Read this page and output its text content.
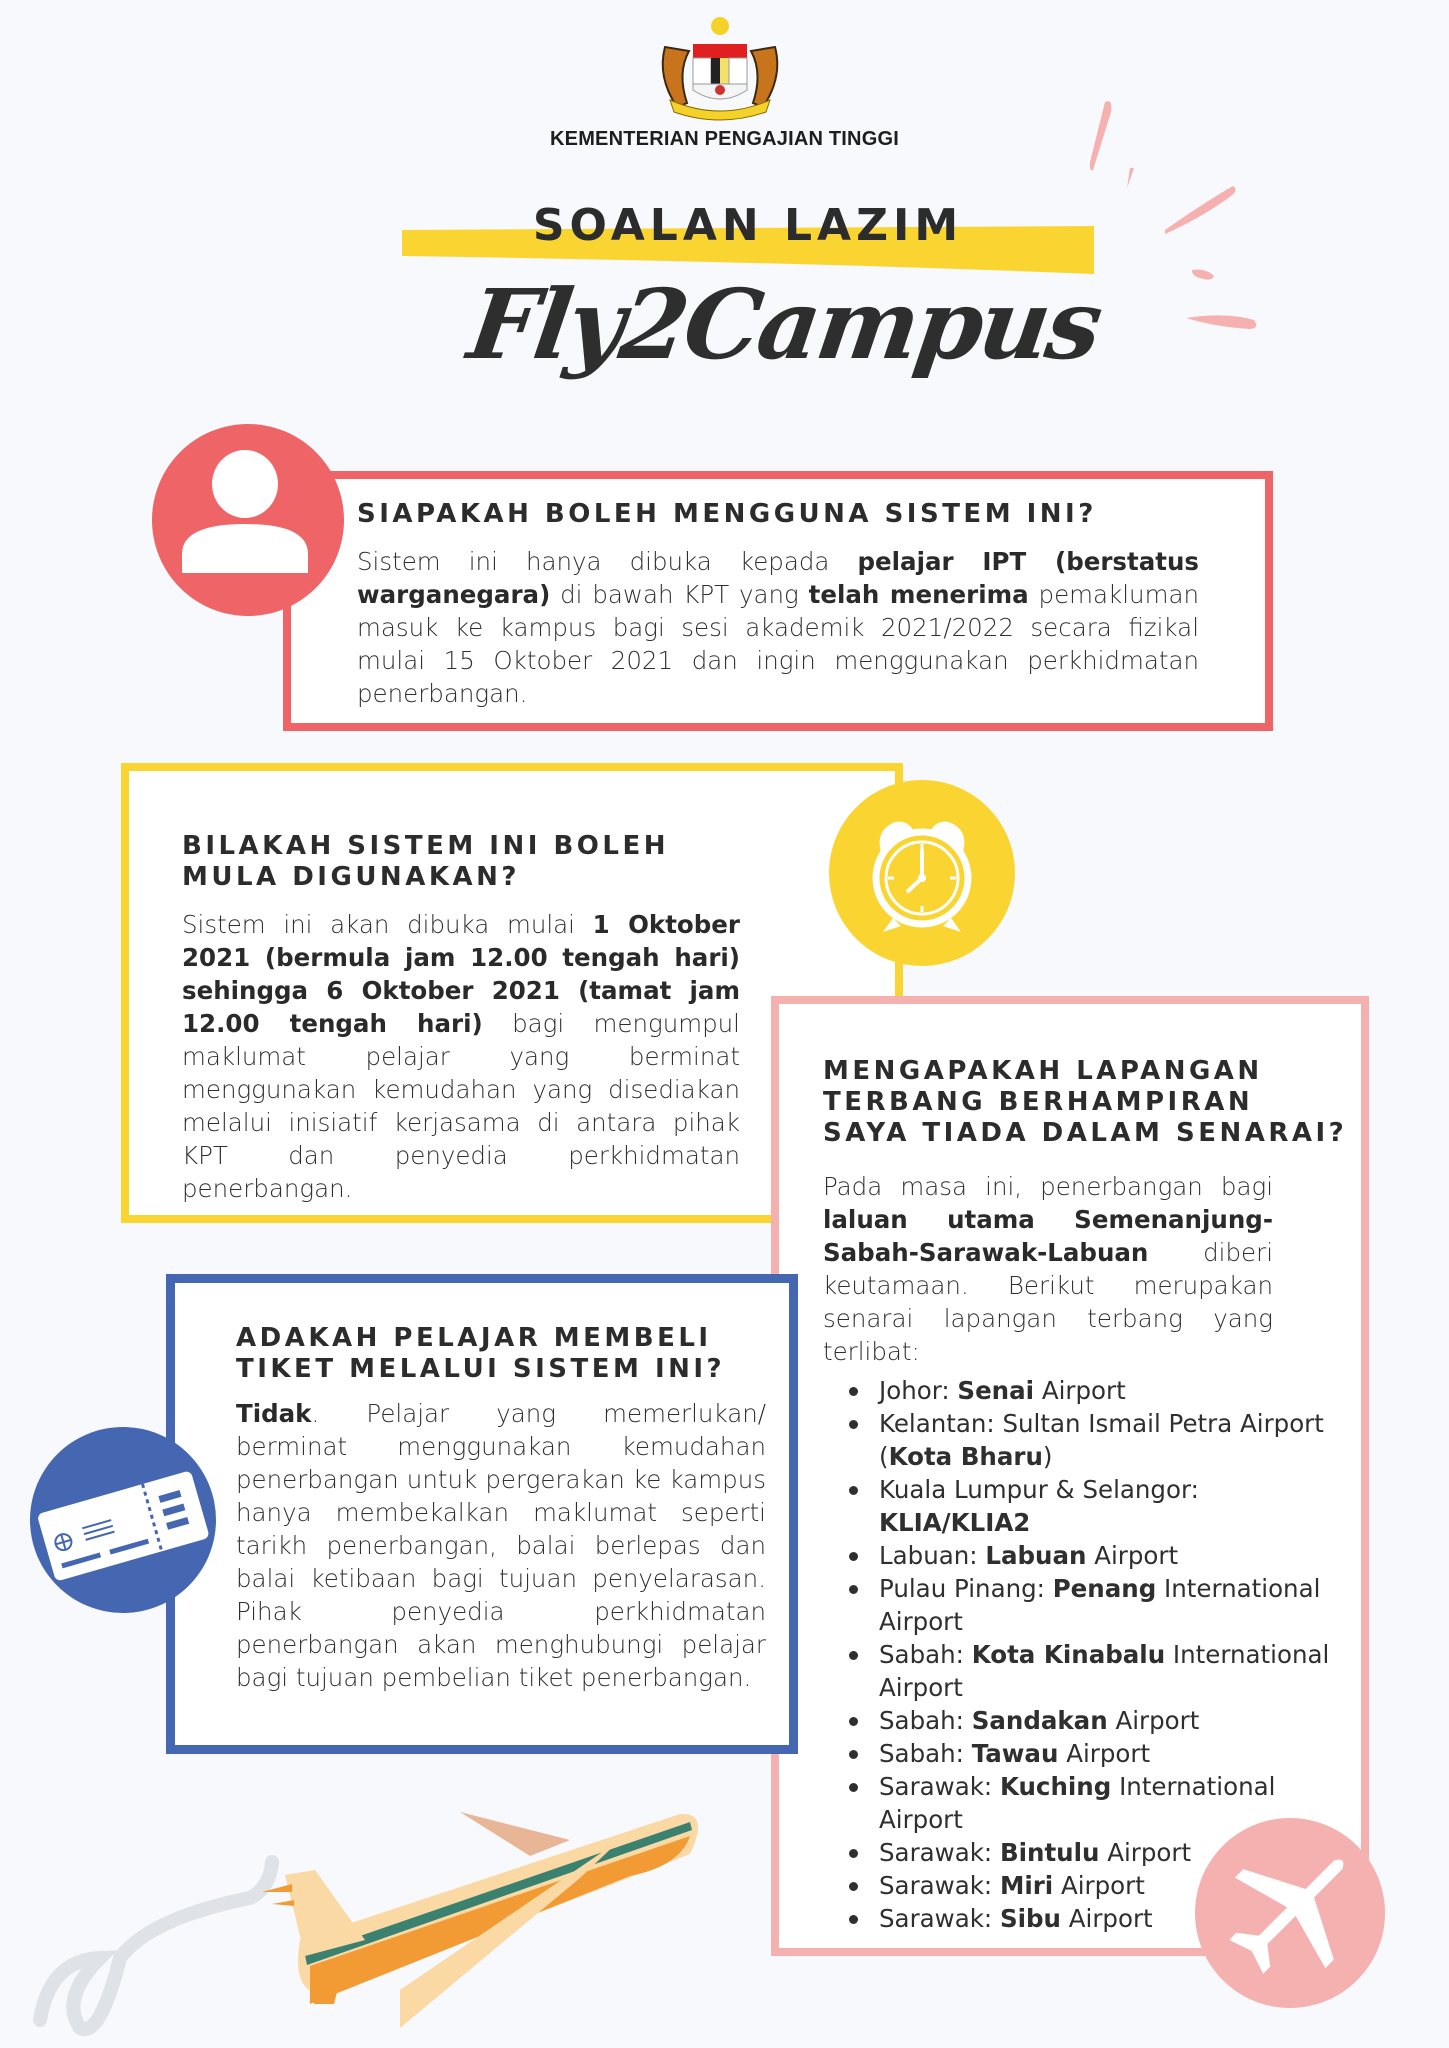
KEMENTERIAN PENGAJIAN TINGGI
SOALAN LAZIM
Fly2Campus
SIAPAKAH BOLEH MENGGUNA SISTEM INI?
Sistem ini hanya dibuka kepada pelajar IPT (berstatus warganegara) di bawah KPT yang telah menerima pemakluman masuk ke kampus bagi sesi akademik 2021/2022 secara fizikal mulai 15 Oktober 2021 dan ingin menggunakan perkhidmatan penerbangan.
BILAKAH SISTEM INI BOLEH
MULA DIGUNAKAN?
Sistem ini akan dibuka mulai 1 Oktober 2021 (bermula jam 12.00 tengah hari) sehingga 6 Oktober 2021 (tamat jam 12.00 tengah hari) bagi mengumpul maklumat pelajar yang berminat menggunakan kemudahan yang disediakan melalui inisiatif kerjasama di antara pihak KPT dan penyedia perkhidmatan penerbangan.
MENGAPAKAH LAPANGAN
TERBANG BERHAMPIRAN
SAYA TIADA DALAM SENARAI?
Pada masa ini, penerbangan bagi laluan utama Semenanjung-Sabah-Sarawak-Labuan diberi keutamaan. Berikut merupakan senarai lapangan terbang yang terlibat:
Johor: Senai Airport
Kelantan: Sultan Ismail Petra Airport (Kota Bharu)
Kuala Lumpur & Selangor: KLIA/KLIA2
Labuan: Labuan Airport
Pulau Pinang: Penang International Airport
Sabah: Kota Kinabalu International Airport
Sabah: Sandakan Airport
Sabah: Tawau Airport
Sarawak: Kuching International Airport
Sarawak: Bintulu Airport
Sarawak: Miri Airport
Sarawak: Sibu Airport
ADAKAH PELAJAR MEMBELI
TIKET MELALUI SISTEM INI?
Tidak. Pelajar yang memerlukan/ berminat menggunakan kemudahan penerbangan untuk pergerakan ke kampus hanya membekalkan maklumat seperti tarikh penerbangan, balai berlepas dan balai ketibaan bagi tujuan penyelarasan. Pihak penyedia perkhidmatan penerbangan akan menghubungi pelajar bagi tujuan pembelian tiket penerbangan.
